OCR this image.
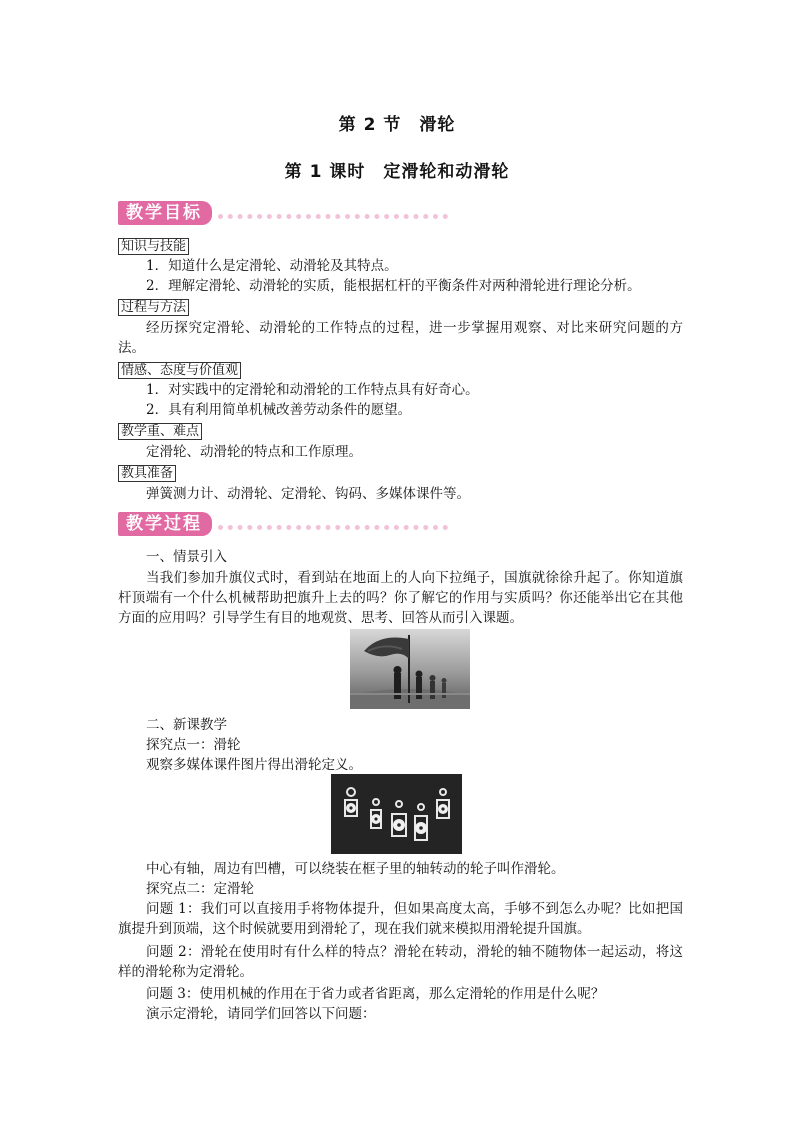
第 2 节　滑轮
第 1 课时　定滑轮和动滑轮
教学目标
知识与技能
1．知道什么是定滑轮、动滑轮及其特点。
2．理解定滑轮、动滑轮的实质，能根据杠杆的平衡条件对两种滑轮进行理论分析。
过程与方法
经历探究定滑轮、动滑轮的工作特点的过程，进一步掌握用观察、对比来研究问题的方法。
情感、态度与价值观
1．对实践中的定滑轮和动滑轮的工作特点具有好奇心。
2．具有利用简单机械改善劳动条件的愿望。
教学重、难点
定滑轮、动滑轮的特点和工作原理。
教具准备
弹簧测力计、动滑轮、定滑轮、钩码、多媒体课件等。
教学过程
一、情景引入
当我们参加升旗仪式时，看到站在地面上的人向下拉绳子，国旗就徐徐升起了。你知道旗杆顶端有一个什么机械帮助把旗升上去的吗？你了解它的作用与实质吗？你还能举出它在其他方面的应用吗？引导学生有目的地观赏、思考、回答从而引入课题。
二、新课教学
探究点一：滑轮
观察多媒体课件图片得出滑轮定义。
中心有轴，周边有凹槽，可以绕装在框子里的轴转动的轮子叫作滑轮。
探究点二：定滑轮
问题 1：我们可以直接用手将物体提升，但如果高度太高，手够不到怎么办呢？比如把国旗提升到顶端，这个时候就要用到滑轮了，现在我们就来模拟用滑轮提升国旗。
问题 2：滑轮在使用时有什么样的特点？滑轮在转动，滑轮的轴不随物体一起运动，将这样的滑轮称为定滑轮。
问题 3：使用机械的作用在于省力或者省距离，那么定滑轮的作用是什么呢？
演示定滑轮，请同学们回答以下问题：
